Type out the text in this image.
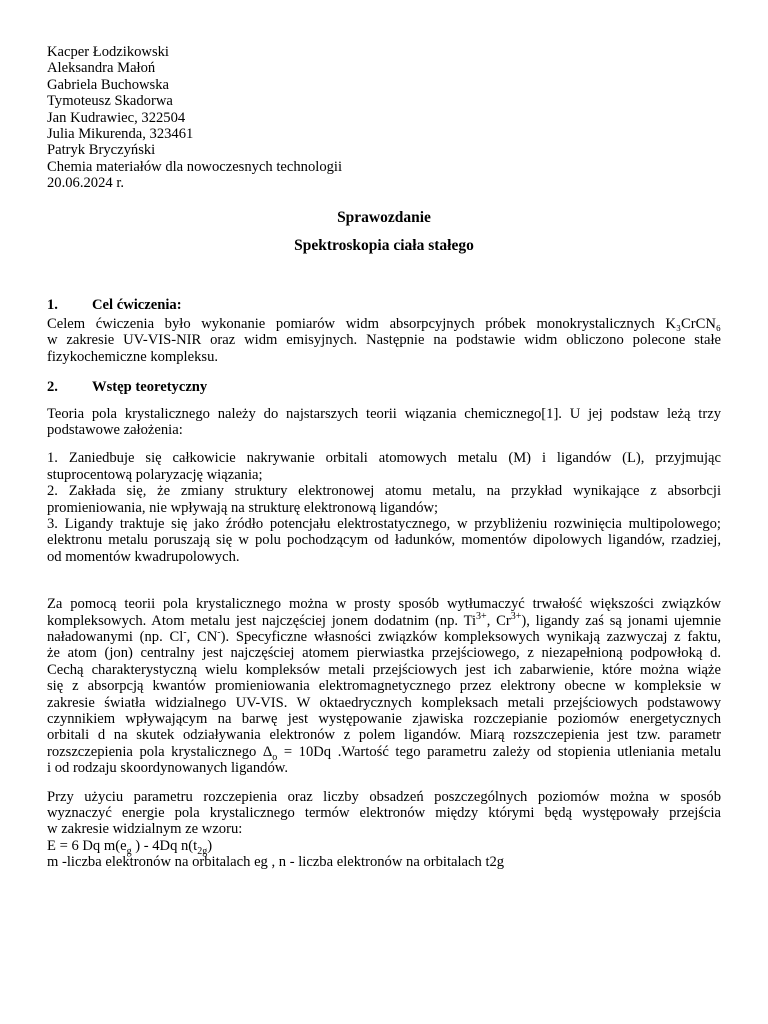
Kacper Łodzikowski
Aleksandra Małoń
Gabriela Buchowska
Tymoteusz Skadorwa
Jan Kudrawiec, 322504
Julia Mikurenda, 323461
Patryk Bryczyński
Chemia materiałów dla nowoczesnych technologii
20.06.2024 r.
Sprawozdanie
Spektroskopia ciała stałego
1.	Cel ćwiczenia:
Celem ćwiczenia było wykonanie pomiarów widm absorpcyjnych próbek monokrystalicznych K₃CrCN₆
w zakresie UV-VIS-NIR oraz widm emisyjnych. Następnie na podstawie widm obliczono polecone stałe
fizykochemiczne kompleksu.
2.	Wstęp teoretyczny
Teoria pola krystalicznego należy do najstarszych teorii wiązania chemicznego[1]. U jej podstaw leżą trzy
podstawowe założenia:
1. Zaniedbuje się całkowicie nakrywanie orbitali atomowych metalu (M) i ligandów (L), przyjmując
stuprocentową polaryzację wiązania;
2. Zakłada się, że zmiany struktury elektronowej atomu metalu, na przykład wynikające z absorbcji
promieniowania, nie wpływają na strukturę elektronową ligandów;
3. Ligandy traktuje się jako źródło potencjału elektrostatycznego, w przybliżeniu rozwinięcia multipolowego;
elektronu metalu poruszają się w polu pochodzącym od ładunków, momentów dipolowych ligandów, rzadziej,
od momentów kwadrupolowych.
Za pomocą teorii pola krystalicznego można w prosty sposób wytłumaczyć trwałość większości związków
kompleksowych. Atom metalu jest najczęściej jonem dodatnim (np. $Ti^{3+}$, $Cr^{3+}$), ligandy zaś są jonami ujemnie
naładowanymi (np. Cl-, CN-). Specyficzne własności związków kompleksowych wynikają zazwyczaj z faktu,
że atom (jon) centralny jest najczęściej atomem pierwiastka przejściowego, z niezapełnioną podpowłoką d.
Cechą charakterystyczną wielu kompleksów metali przejściowych jest ich zabarwienie, które można wiąże
się z absorpcją kwantów promieniowania elektromagnetycznego przez elektrony obecne w kompleksie w
zakresie światła widzialnego UV-VIS. W oktaedrycznych kompleksach metali przejściowych podstawowy
czynnikiem wpływającym na barwę jest występowanie zjawiska rozczepianie poziomów energetycznych
orbitali d na skutek odziaływania elektronów z polem ligandów. Miarą rozszczepienia jest tzw. parametr
rozszczepienia pola krystalicznego $\Delta_o = 10Dq$ .Wartość tego parametru zależy od stopienia utleniania metalu
i od rodzaju skoordynowanych ligandów.
Przy użyciu parametru rozczepienia oraz liczby obsadzeń poszczególnych poziomów można w sposób
wyznaczyć energie pola krystalicznego termów elektronów między którymi będą występowały przejścia
w zakresie widzialnym ze wzoru:
E = 6 Dq $m(e_g$ ) - 4Dq $n(t_{2g})$
m -liczba elektronów na orbitalach eg , n - liczba elektronów na orbitalach t2g
